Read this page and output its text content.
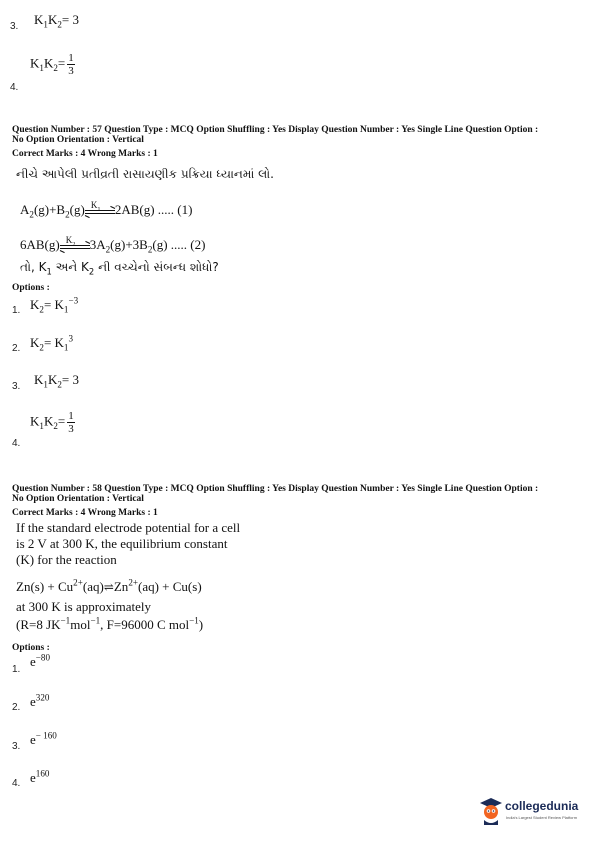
3. $K_1K_2= 3$
$K_1K_2= \frac{1}{3}$
4.
Question Number : 57 Question Type : MCQ Option Shuffling : Yes Display Question Number : Yes Single Line Question Option :
No Option Orientation : Vertical
Correct Marks : 4 Wrong Marks : 1
નીચે આપેલી પ્રતીવ્રતી રાસાયણીક પ્રક્રિયા ધ્યાનમાં લો.
$A_2(g)+B_2(g)$ $K_1$ 2AB(g) ..... (1)
6AB(g) $K_2$ $3A_2(g)+3B_2(g)$ ..... (2)
તો, $K_1$ અને $K_2$ ની વચ્ચેનો સંબન્ધ શોધો?
Options :
1. $K_2= K_1^{-3}$
2. $K_2= K_1^3$
3. $K_1K_2= 3$
$K_1K_2= \frac{1}{3}$
4.
Question Number : 58 Question Type : MCQ Option Shuffling : Yes Display Question Number : Yes Single Line Question Option :
No Option Orientation : Vertical
Correct Marks : 4 Wrong Marks : 1
If the standard electrode potential for a cell
is 2 V at 300 K, the equilibrium constant
(K) for the reaction
$Zn(s) + Cu^{2+}(aq)\rightleftharpoons Zn^{2+}(aq) + Cu(s)$
at 300 K is approximately
(R=8 $JK^{-1}mol^{-1}$, F=96000 C mol$^{-1}$)
Options :
1.
$e^{-80}$
2. $e^{320}$
3. $e^{- 160}$
4. $e^{160}$
collegedunia
India's Largest Student Review Platform
